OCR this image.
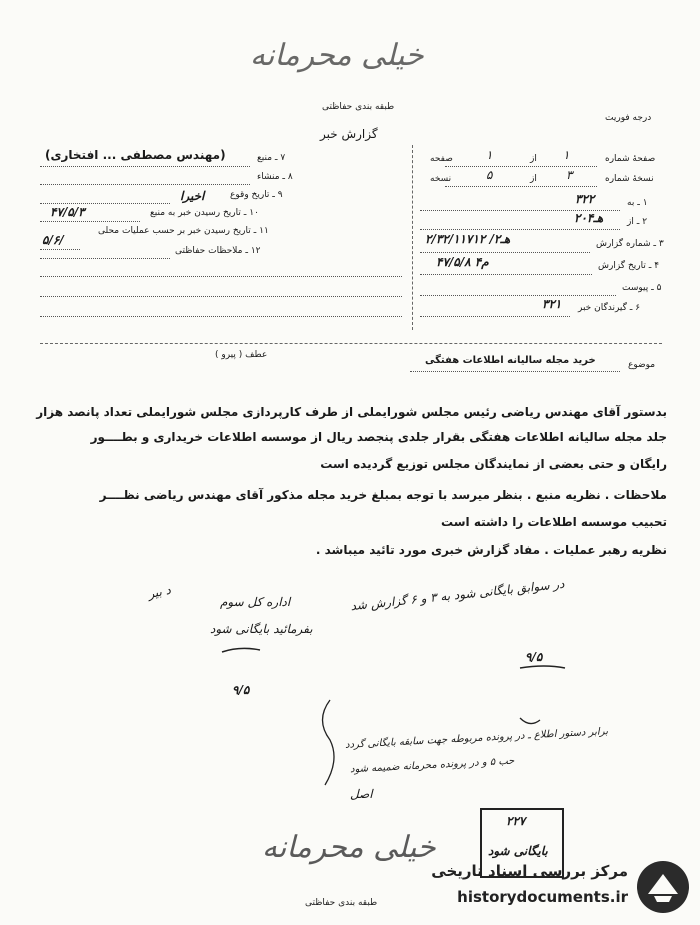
خیلی محرمانه
طبقه بندی حفاظتی
گزارش خبر
درجه فوریت
صفحهٔ شماره
۱
از
۱
صفحه
نسخهٔ شماره
۳
از
۵
نسخه
۱ ـ به
۳۲۲
۲ ـ از
۲۰هـ۴
۳ ـ شماره گزارش
۲/۳۲/۱۱۷۱۲ /۲هـ
۴ ـ تاریخ گزارش
۴۷/۵/۸ م۴
۵ ـ پیوست
۶ ـ گیرندگان خبر
۳۲۱
۷ ـ منبع
(مهندس مصطفی ... افتخاری)
۸ ـ منشاء
۹ ـ تاریخ وقوع
اخیرا
۱۰ ـ تاریخ رسیدن خبر به منبع
۴۷/۵/۳
۱۱ ـ تاریخ رسیدن خبر بر حسب عملیات محلی
۵/۶/
۱۲ ـ ملاحظات حفاظتی
عطف ( پیرو )
موضوع
خرید مجله سالیانه اطلاعات هفتگی
بدستور آقای مهندس ریاضی رئیس مجلس شورایملی از طرف کارپردازی مجلس شورایملی تعداد پانصد هزار
جلد مجله سالیانه اطلاعات هفتگی بقرار جلدی پنجصد ریال از موسسه اطلاعات خریداری و بطــــور
رایگان و حتی بعضی از نمایندگان مجلس توزیع گردیده است
ملاحظات . نظریه منبع . بنظر میرسد با توجه بمبلغ خرید مجله مذکور آقای مهندس ریاضی نظــــر
تحبیب موسسه اطلاعات را داشته است
نظریه رهبر عملیات . مفاد گزارش خبری مورد تائید میباشد .
د بیر
اداره کل سوم
بفرمائید بایگانی شود
در سوابق بایگانی شود به ۳ و ۶ گزارش شد
۹/۵
۹/۵
برابر دستور اطلاع ـ در پرونده مربوطه جهت سابقه بایگانی گردد
حب ۵ و در پرونده محرمانه ضمیمه شود
اصل
۲۲۷
بایگانی شود
خیلی محرمانه
طبقه بندی حفاظتی
مرکز بررسی اسناد تاریخی
historydocuments.ir
